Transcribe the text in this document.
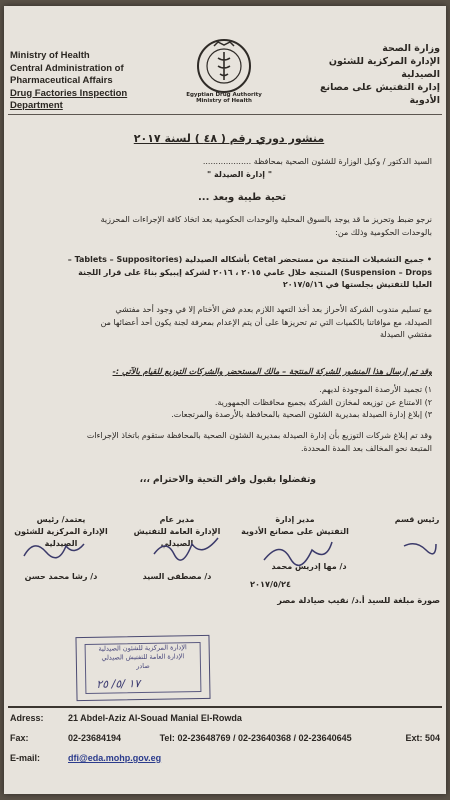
Ministry of Health
Central Administration of
Pharmaceutical Affairs
Drug Factories Inspection Department
Egyptian Drug Authority
Ministry of Health
وزارة الصحة
الإدارة المركزية للشئون الصيدلية
إدارة التفتيش على مصانع الأدوية
منشور دوري رقم ( ٤٨ ) لسنة ٢٠١٧
السيد الدكتور / وكيل الوزارة للشئون الصحية بمحافظة ...................
" إدارة الصيدلة "
تحية طيبة وبعد ...
نرجو ضبط وتحريز ما قد يوجد بالسوق المحلية والوحدات الحكومية بعد اتخاذ كافة الإجراءات المحرزية
بالوحدات الحكومية وذلك من:
• جميع التشغيلات المنتجة من مستحضر Cetal بأشكاله الصيدلية (Tablets – Suppositories –
Suspension – Drops) المنتجة خلال عامي ٢٠١٥ ، ٢٠١٦ لشركة إيبيكو بناءً على قرار اللجنة
العليا للتفتيش بجلستها في ٢٠١٧/٥/١٦
مع تسليم مندوب الشركة الأحراز بعد أخذ التعهد اللازم بعدم فض الأختام إلا في وجود أحد مفتشي
الصيدلة، مع موافاتنا بالكميات التي تم تحريزها على أن يتم الإعدام بمعرفة لجنة يكون أحد أعضائها من
مفتشي الصيدلة
وقد تم إرسال هذا المنشور للشركة المنتجة – مالك المستحضر والشركات التوزيع للقيام بالآتي :-
١) تجميد الأرصدة الموجودة لديهم.
٢) الامتناع عن توزيعه لمخازن الشركة بجميع محافظات الجمهورية.
٣) إبلاغ إدارة الصيدلة بمديرية الشئون الصحية بالمحافظة بالأرصدة والمرتجعات.
وقد تم إبلاغ شركات التوزيع بأن إدارة الصيدلة بمديرية الشئون الصحية بالمحافظة ستقوم باتخاذ الإجراءات
المتبعة نحو المخالف بعد المدة المحددة.
وتفضلوا بقبول وافر التحية والاحترام ،،،
يعتمد/ رئيس
الإدارة المركزية للشئون الصيدلية
مدير عام
الإدارة العامة للتفتيش الصيدلي
مدير إدارة
التفتيش على مصانع الأدوية
رئيس قسم
د/ رشا محمد حسن	د/ مصطفى السيد
د/ مها إدريس محمد
٢٠١٧/٥/٢٤
صورة مبلغة للسيد أ.د/ نقيب صيادلة مصر
الإدارة المركزية للشئون الصيدلية
الإدارة العامة للتفتيش الصيدلي
صادر
١٧ /٥/ ٢٥
Adress:	21 Abdel-Aziz Al-Souad Manial El-Rowda
Fax:	02-23684194	Tel: 02-23648769 / 02-23640368 / 02-23640645	Ext: 504
E-mail:	dfi@eda.mohp.gov.eg
